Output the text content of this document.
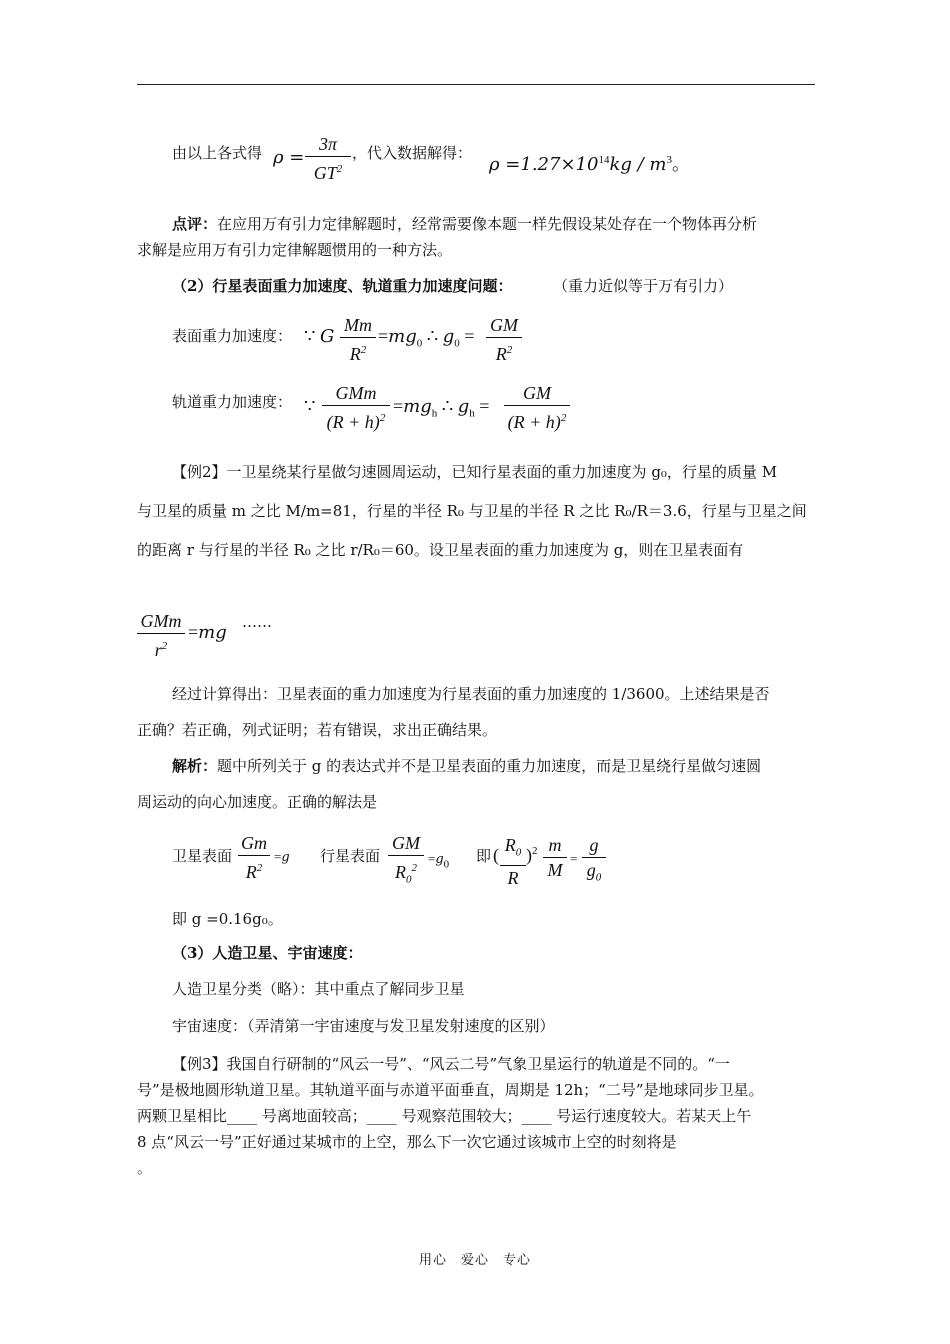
由以上各式得 ρ =
3π
$GT^2$
，代入数据解得：
$\rho =1.27\times 10^{14}kg / m^3$。
点评：在应用万有引力定律解题时，经常需要像本题一样先假设某处存在一个物体再分析
求解是应用万有引力定律解题惯用的一种方法。
（2）行星表面重力加速度、轨道重力加速度问题：	（重力近似等于万有引力）
表面重力加速度： ∵ G
Mm
$R^2$
$=mg_0$ ∴ $g_0$ =
GM
$R^2$
轨道重力加速度： ∵
GMm
$(R + h)^2$
$=mg_h$ ∴ $g_h$ =
GM
$(R + h)^2$
【例2】一卫星绕某行星做匀速圆周运动，已知行星表面的重力加速度为 g₀，行星的质量 M
与卫星的质量 m 之比 M/m=81，行星的半径 R₀ 与卫星的半径 R 之比 R₀/R＝3.6，行星与卫星之间
的距离 r 与行星的半径 R₀ 之比 r/R₀＝60。设卫星表面的重力加速度为 g，则在卫星表面有
GMm
$r^2$
=mg ……
经过计算得出：卫星表面的重力加速度为行星表面的重力加速度的 1/3600。上述结果是否
正确？若正确，列式证明；若有错误，求出正确结果。
解析：题中所列关于 g 的表达式并不是卫星表面的重力加速度，而是卫星绕行星做匀速圆
周运动的向心加速度。正确的解法是
卫星表面
Gm
$R^2$
=g 行星表面
GM
$R_0^2$
$=g_0$ 即 ( $R_0$
R
)$^2$ m
M
=
g
$g_0$
即 g =0.16g₀。
（3）人造卫星、宇宙速度：
人造卫星分类（略）：其中重点了解同步卫星
宇宙速度：（弄清第一宇宙速度与发卫星发射速度的区别）
【例3】我国自行研制的“风云一号”、“风云二号”气象卫星运行的轨道是不同的。“一
号”是极地圆形轨道卫星。其轨道平面与赤道平面垂直，周期是 12h；“二号”是地球同步卫星。
两颗卫星相比____ 号离地面较高；____ 号观察范围较大；____ 号运行速度较大。若某天上午
8 点“风云一号”正好通过某城市的上空，那么下一次它通过该城市上空的时刻将是
。
用心　爱心　专心
